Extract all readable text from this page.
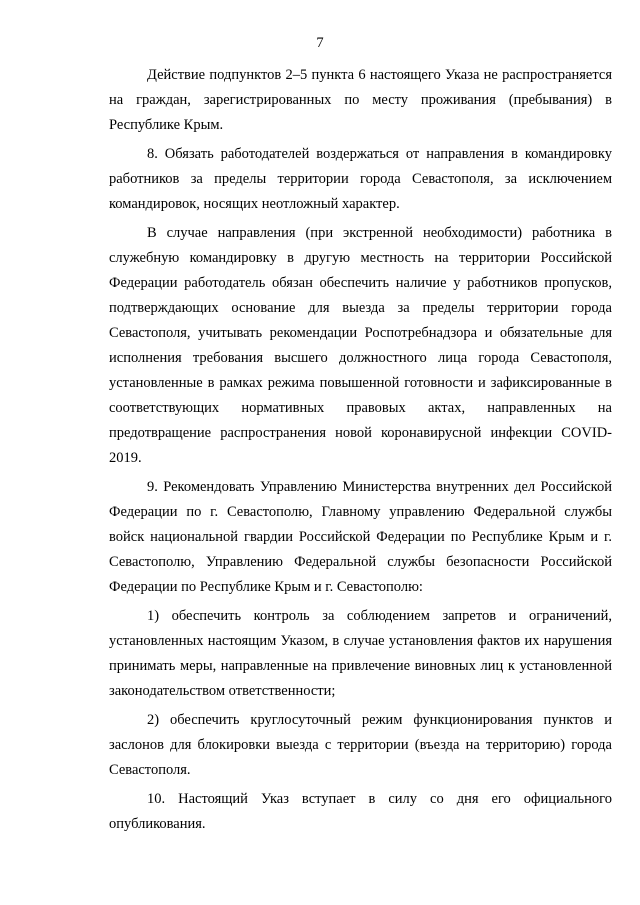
7

Действие подпунктов 2–5 пункта 6 настоящего Указа не распространяется на граждан, зарегистрированных по месту проживания (пребывания) в Республике Крым.

8. Обязать работодателей воздержаться от направления в командировку работников за пределы территории города Севастополя, за исключением командировок, носящих неотложный характер.

В случае направления (при экстренной необходимости) работника в служебную командировку в другую местность на территории Российской Федерации работодатель обязан обеспечить наличие у работников пропусков, подтверждающих основание для выезда за пределы территории города Севастополя, учитывать рекомендации Роспотребнадзора и обязательные для исполнения требования высшего должностного лица города Севастополя, установленные в рамках режима повышенной готовности и зафиксированные в соответствующих нормативных правовых актах, направленных на предотвращение распространения новой коронавирусной инфекции COVID-2019.

9. Рекомендовать Управлению Министерства внутренних дел Российской Федерации по г. Севастополю, Главному управлению Федеральной службы войск национальной гвардии Российской Федерации по Республике Крым и г. Севастополю, Управлению Федеральной службы безопасности Российской Федерации по Республике Крым и г. Севастополю:

1) обеспечить контроль за соблюдением запретов и ограничений, установленных настоящим Указом, в случае установления фактов их нарушения принимать меры, направленные на привлечение виновных лиц к установленной законодательством ответственности;

2) обеспечить круглосуточный режим функционирования пунктов и заслонов для блокировки выезда с территории (въезда на территорию) города Севастополя.

10. Настоящий Указ вступает в силу со дня его официального опубликования.
